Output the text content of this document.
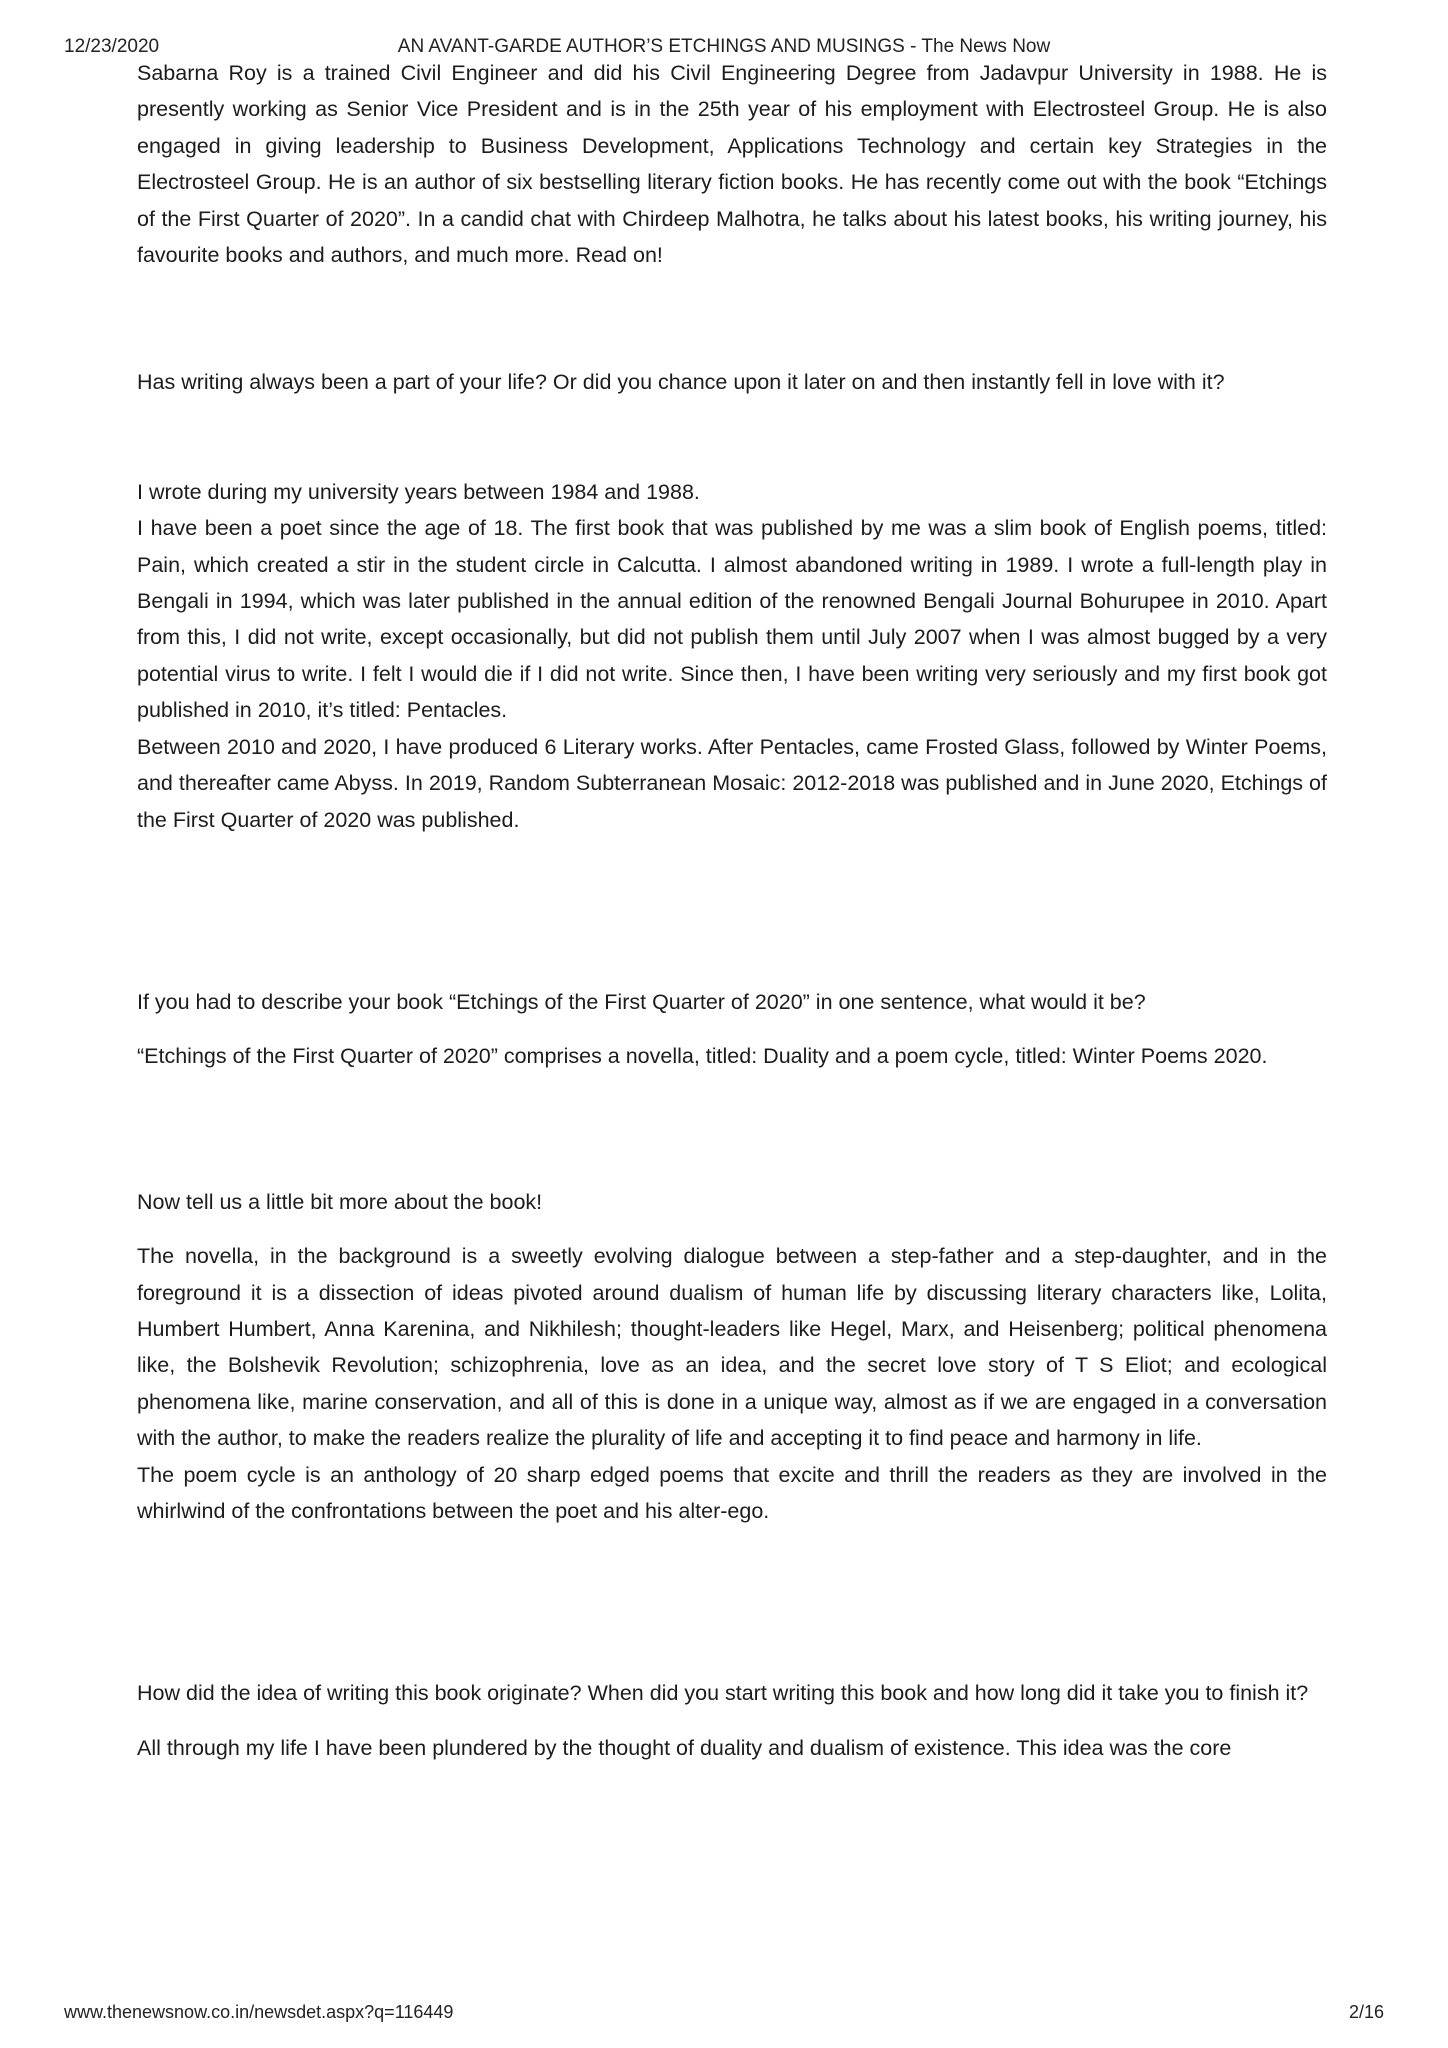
12/23/2020	AN AVANT-GARDE AUTHOR’S ETCHINGS AND MUSINGS - The News Now

Sabarna Roy is a trained Civil Engineer and did his Civil Engineering Degree from Jadavpur University in 1988. He is presently working as Senior Vice President and is in the 25th year of his employment with Electrosteel Group. He is also engaged in giving leadership to Business Development, Applications Technology and certain key Strategies in the Electrosteel Group. He is an author of six bestselling literary fiction books. He has recently come out with the book “Etchings of the First Quarter of 2020”. In a candid chat with Chirdeep Malhotra, he talks about his latest books, his writing journey, his favourite books and authors, and much more. Read on!

Has writing always been a part of your life? Or did you chance upon it later on and then instantly fell in love with it?

I wrote during my university years between 1984 and 1988.

I have been a poet since the age of 18. The first book that was published by me was a slim book of English poems, titled: Pain, which created a stir in the student circle in Calcutta. I almost abandoned writing in 1989. I wrote a full-length play in Bengali in 1994, which was later published in the annual edition of the renowned Bengali Journal Bohurupee in 2010. Apart from this, I did not write, except occasionally, but did not publish them until July 2007 when I was almost bugged by a very potential virus to write. I felt I would die if I did not write. Since then, I have been writing very seriously and my first book got published in 2010, it’s titled: Pentacles.

Between 2010 and 2020, I have produced 6 Literary works. After Pentacles, came Frosted Glass, followed by Winter Poems, and thereafter came Abyss. In 2019, Random Subterranean Mosaic: 2012-2018 was published and in June 2020, Etchings of the First Quarter of 2020 was published.

If you had to describe your book “Etchings of the First Quarter of 2020” in one sentence, what would it be?

“Etchings of the First Quarter of 2020” comprises a novella, titled: Duality and a poem cycle, titled: Winter Poems 2020.

Now tell us a little bit more about the book!

The novella, in the background is a sweetly evolving dialogue between a step-father and a step-daughter, and in the foreground it is a dissection of ideas pivoted around dualism of human life by discussing literary characters like, Lolita, Humbert Humbert, Anna Karenina, and Nikhilesh; thought-leaders like Hegel, Marx, and Heisenberg; political phenomena like, the Bolshevik Revolution; schizophrenia, love as an idea, and the secret love story of T S Eliot; and ecological phenomena like, marine conservation, and all of this is done in a unique way, almost as if we are engaged in a conversation with the author, to make the readers realize the plurality of life and accepting it to find peace and harmony in life.

The poem cycle is an anthology of 20 sharp edged poems that excite and thrill the readers as they are involved in the whirlwind of the confrontations between the poet and his alter-ego.

How did the idea of writing this book originate? When did you start writing this book and how long did it take you to finish it?

All through my life I have been plundered by the thought of duality and dualism of existence. This idea was the core

www.thenewsnow.co.in/newsdet.aspx?q=116449	2/16
